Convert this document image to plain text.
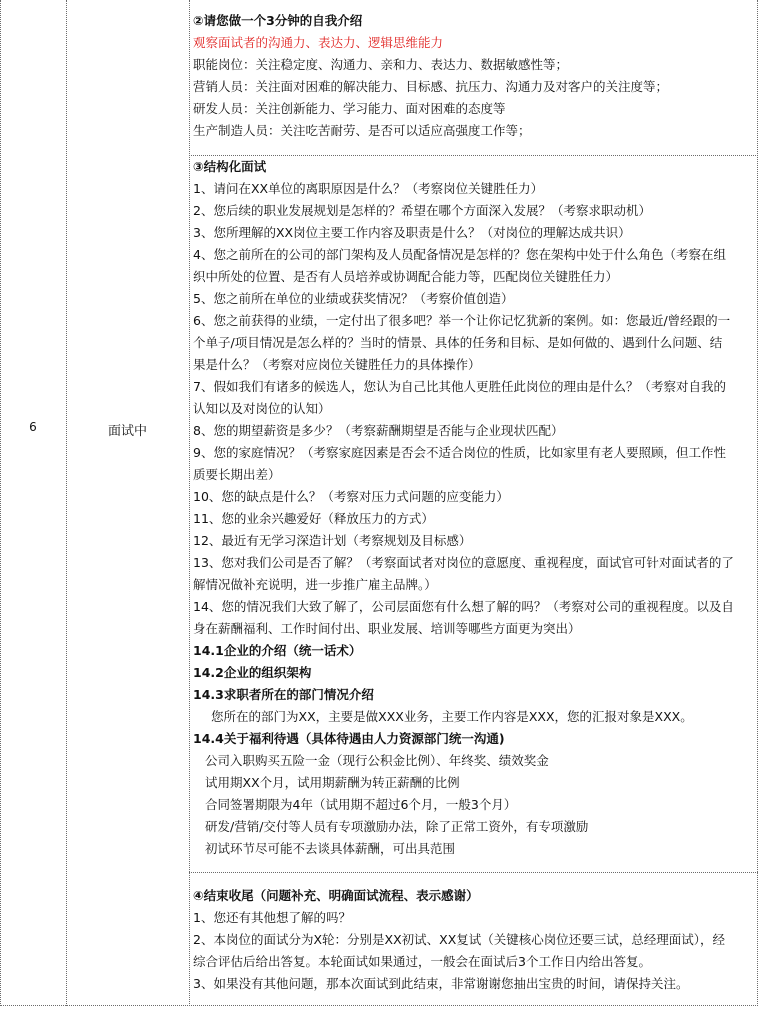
6	面试中
②请您做一个3分钟的自我介绍
观察面试者的沟通力、表达力、逻辑思维能力
职能岗位：关注稳定度、沟通力、亲和力、表达力、数据敏感性等；
营销人员：关注面对困难的解决能力、目标感、抗压力、沟通力及对客户的关注度等；
研发人员：关注创新能力、学习能力、面对困难的态度等
生产制造人员：关注吃苦耐劳、是否可以适应高强度工作等；
③结构化面试
1、请问在XX单位的离职原因是什么？（考察岗位关键胜任力）
2、您后续的职业发展规划是怎样的？希望在哪个方面深入发展？（考察求职动机）
3、您所理解的XX岗位主要工作内容及职责是什么？（对岗位的理解达成共识）
4、您之前所在的公司的部门架构及人员配备情况是怎样的？您在架构中处于什么角色（考察在组
织中所处的位置、是否有人员培养或协调配合能力等，匹配岗位关键胜任力）
5、您之前所在单位的业绩或获奖情况？（考察价值创造）
6、您之前获得的业绩，一定付出了很多吧？举一个让你记忆犹新的案例。如：您最近/曾经跟的一
个单子/项目情况是怎么样的？当时的情景、具体的任务和目标、是如何做的、遇到什么问题、结
果是什么？（考察对应岗位关键胜任力的具体操作）
7、假如我们有诸多的候选人，您认为自己比其他人更胜任此岗位的理由是什么？（考察对自我的
认知以及对岗位的认知）
8、您的期望薪资是多少？（考察薪酬期望是否能与企业现状匹配）
9、您的家庭情况？（考察家庭因素是否会不适合岗位的性质，比如家里有老人要照顾，但工作性
质要长期出差）
10、您的缺点是什么？（考察对压力式问题的应变能力）
11、您的业余兴趣爱好（释放压力的方式）
12、最近有无学习深造计划（考察规划及目标感）
13、您对我们公司是否了解？（考察面试者对岗位的意愿度、重视程度，面试官可针对面试者的了
解情况做补充说明，进一步推广雇主品牌。）
14、您的情况我们大致了解了，公司层面您有什么想了解的吗？（考察对公司的重视程度。以及自
身在薪酬福利、工作时间付出、职业发展、培训等哪些方面更为突出）
14.1企业的介绍（统一话术）
14.2企业的组织架构
14.3求职者所在的部门情况介绍
您所在的部门为XX，主要是做XXX业务，主要工作内容是XXX，您的汇报对象是XXX。
14.4关于福利待遇（具体待遇由人力资源部门统一沟通)
公司入职购买五险一金（现行公积金比例）、年终奖、绩效奖金
试用期XX个月，试用期薪酬为转正薪酬的比例
合同签署期限为4年（试用期不超过6个月，一般3个月）
研发/营销/交付等人员有专项激励办法，除了正常工资外，有专项激励
初试环节尽可能不去谈具体薪酬，可出具范围
④结束收尾（问题补充、明确面试流程、表示感谢）
1、您还有其他想了解的吗？
2、本岗位的面试分为X轮：分别是XX初试、XX复试（关键核心岗位还要三试，总经理面试），经
综合评估后给出答复。本轮面试如果通过，一般会在面试后3个工作日内给出答复。
3、如果没有其他问题，那本次面试到此结束，非常谢谢您抽出宝贵的时间，请保持关注。
